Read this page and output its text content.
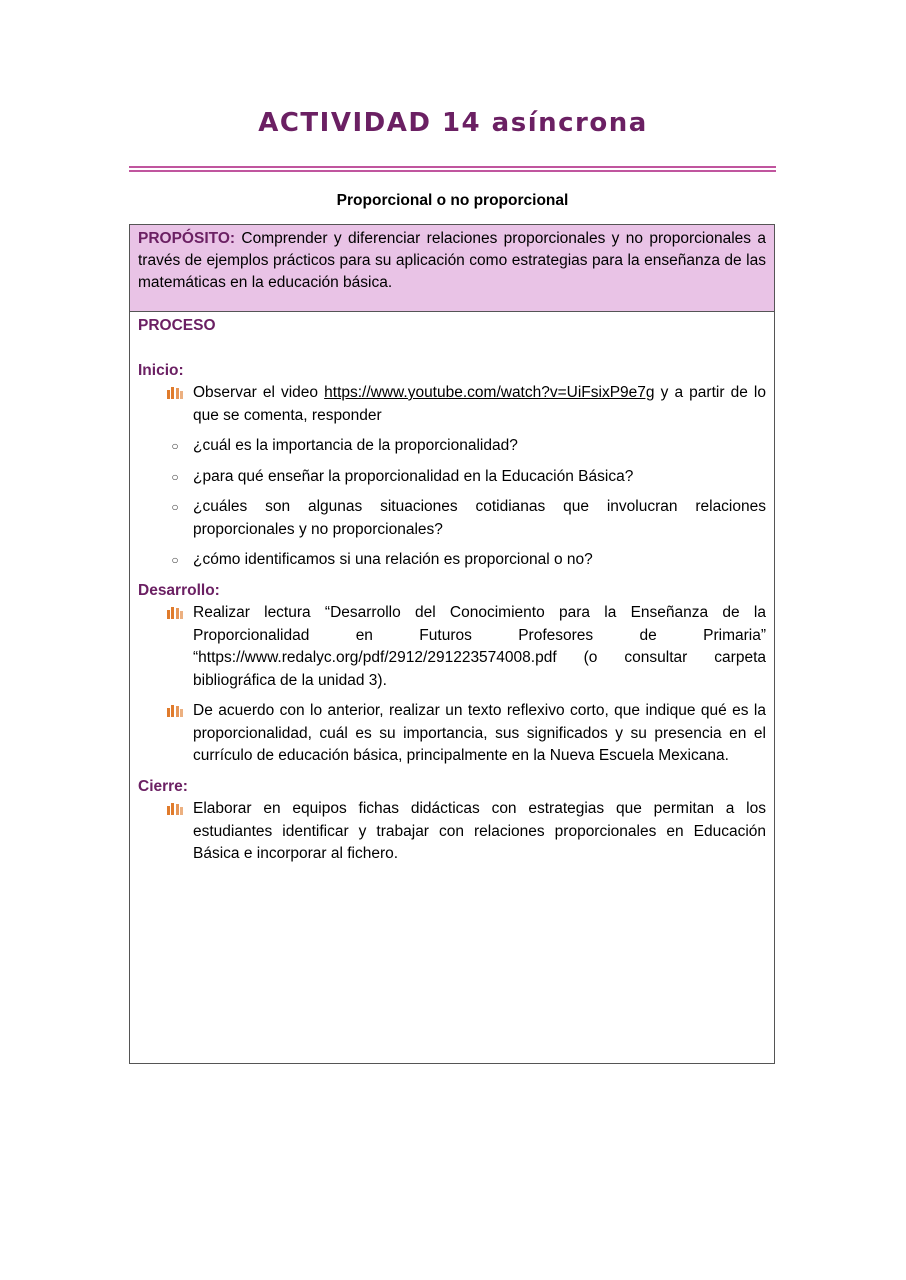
ACTIVIDAD 14 asíncrona
Proporcional o no proporcional
PROPÓSITO: Comprender y diferenciar relaciones proporcionales y no proporcionales a través de ejemplos prácticos para su aplicación como estrategias para la enseñanza de las matemáticas en la educación básica.
PROCESO
Inicio:
Observar el video https://www.youtube.com/watch?v=UiFsixP9e7g y a partir de lo que se comenta, responder
○ ¿cuál es la importancia de la proporcionalidad?
○ ¿para qué enseñar la proporcionalidad en la Educación Básica?
○ ¿cuáles son algunas situaciones cotidianas que involucran relaciones proporcionales y no proporcionales?
○ ¿cómo identificamos si una relación es proporcional o no?
Desarrollo:
Realizar lectura “Desarrollo del Conocimiento para la Enseñanza de la Proporcionalidad en Futuros Profesores de Primaria” “https://www.redalyc.org/pdf/2912/291223574008.pdf (o consultar carpeta bibliográfica de la unidad 3).
De acuerdo con lo anterior, realizar un texto reflexivo corto, que indique qué es la proporcionalidad, cuál es su importancia, sus significados y su presencia en el currículo de educación básica, principalmente en la Nueva Escuela Mexicana.
Cierre:
Elaborar en equipos fichas didácticas con estrategias que permitan a los estudiantes identificar y trabajar con relaciones proporcionales en Educación Básica e incorporar al fichero.
